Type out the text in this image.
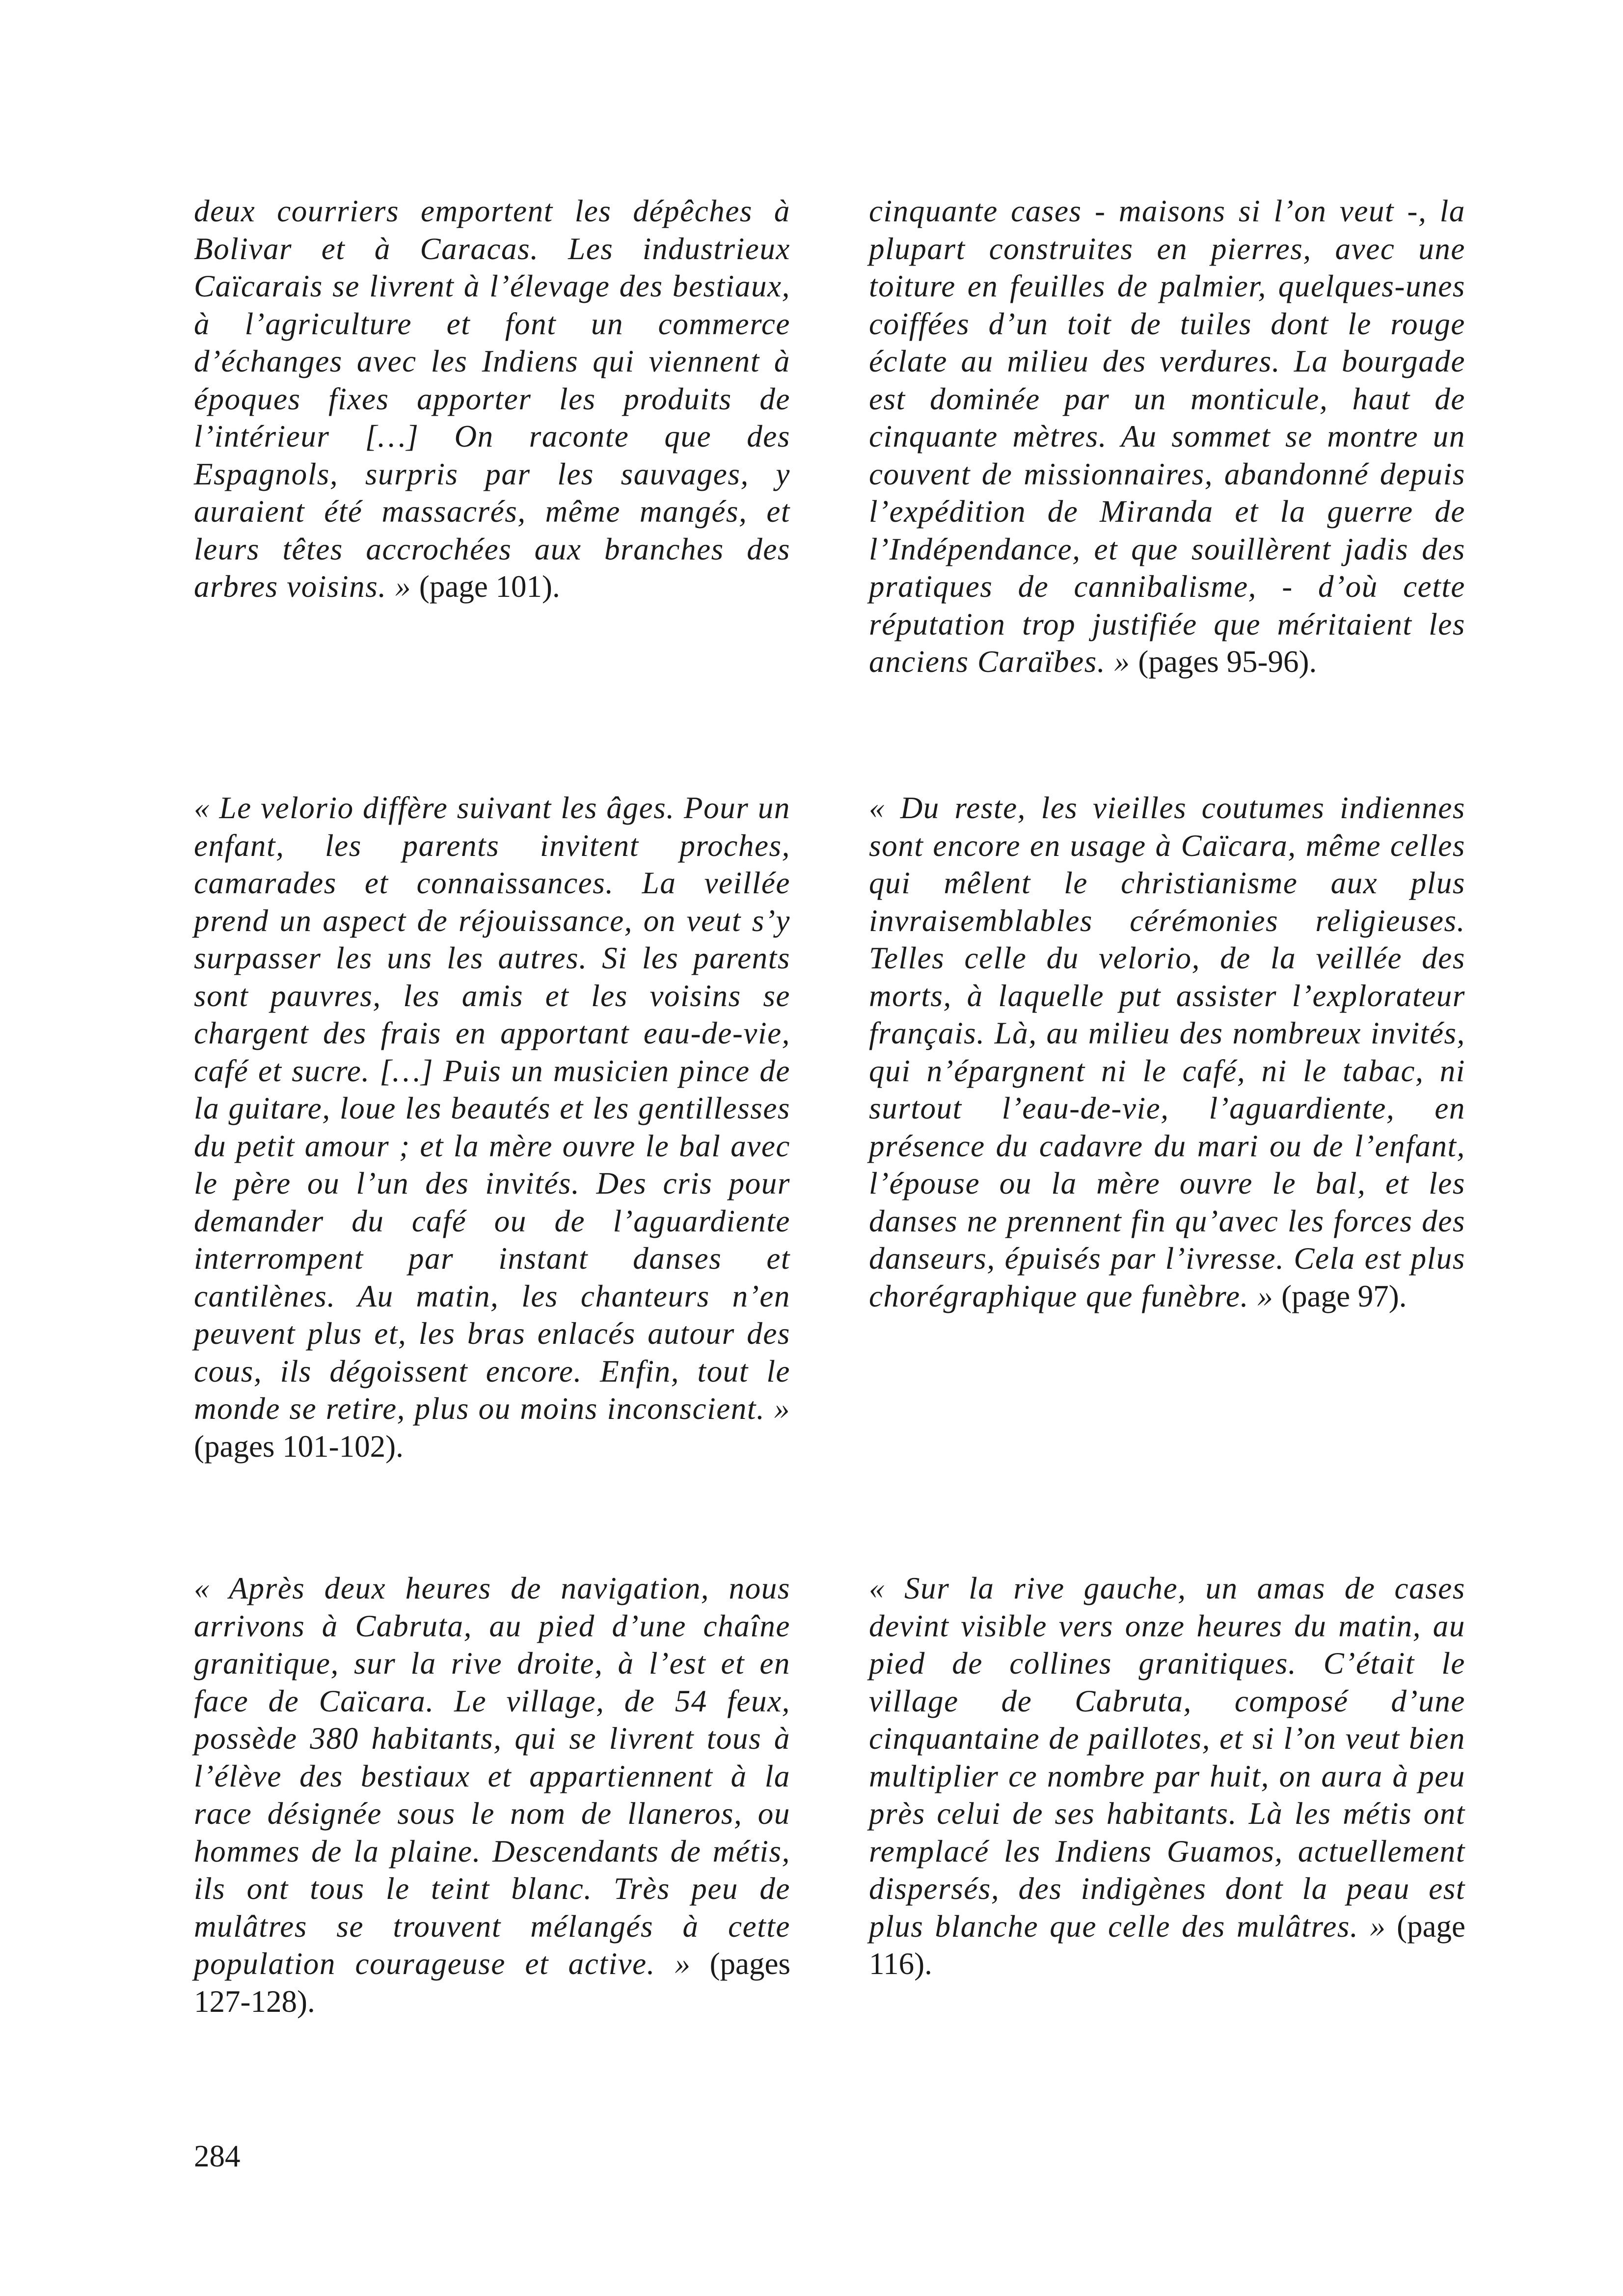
deux courriers emportent les dépêches à Bolivar et à Caracas. Les industrieux Caïcarais se livrent à l’élevage des bestiaux, à l’agriculture et font un commerce d’échanges avec les Indiens qui viennent à époques fixes apporter les produits de l’intérieur […] On raconte que des Espagnols, surpris par les sauvages, y auraient été massacrés, même mangés, et leurs têtes accrochées aux branches des arbres voisins. » (page 101).

cinquante cases - maisons si l’on veut -, la plupart construites en pierres, avec une toiture en feuilles de palmier, quelques-unes coiffées d’un toit de tuiles dont le rouge éclate au milieu des verdures. La bourgade est dominée par un monticule, haut de cinquante mètres. Au sommet se montre un couvent de missionnaires, abandonné depuis l’expédition de Miranda et la guerre de l’Indépendance, et que souillèrent jadis des pratiques de cannibalisme, - d’où cette réputation trop justifiée que méritaient les anciens Caraïbes. » (pages 95-96).

« Le velorio diffère suivant les âges. Pour un enfant, les parents invitent proches, camarades et connaissances. La veillée prend un aspect de réjouissance, on veut s’y surpasser les uns les autres. Si les parents sont pauvres, les amis et les voisins se chargent des frais en apportant eau-de-vie, café et sucre. […] Puis un musicien pince de la guitare, loue les beautés et les gentillesses du petit amour ; et la mère ouvre le bal avec le père ou l’un des invités. Des cris pour demander du café ou de l’aguardiente interrompent par instant danses et cantilènes. Au matin, les chanteurs n’en peuvent plus et, les bras enlacés autour des cous, ils dégoissent encore. Enfin, tout le monde se retire, plus ou moins inconscient. » (pages 101-102).

« Du reste, les vieilles coutumes indiennes sont encore en usage à Caïcara, même celles qui mêlent le christianisme aux plus invraisemblables cérémonies religieuses. Telles celle du velorio, de la veillée des morts, à laquelle put assister l’explorateur français. Là, au milieu des nombreux invités, qui n’épargnent ni le café, ni le tabac, ni surtout l’eau-de-vie, l’aguardiente, en présence du cadavre du mari ou de l’enfant, l’épouse ou la mère ouvre le bal, et les danses ne prennent fin qu’avec les forces des danseurs, épuisés par l’ivresse. Cela est plus chorégraphique que funèbre. » (page 97).

« Après deux heures de navigation, nous arrivons à Cabruta, au pied d’une chaîne granitique, sur la rive droite, à l’est et en face de Caïcara. Le village, de 54 feux, possède 380 habitants, qui se livrent tous à l’élève des bestiaux et appartiennent à la race désignée sous le nom de llaneros, ou hommes de la plaine. Descendants de métis, ils ont tous le teint blanc. Très peu de mulâtres se trouvent mélangés à cette population courageuse et active. » (pages 127-128).

« Sur la rive gauche, un amas de cases devint visible vers onze heures du matin, au pied de collines granitiques. C’était le village de Cabruta, composé d’une cinquantaine de paillotes, et si l’on veut bien multiplier ce nombre par huit, on aura à peu près celui de ses habitants. Là les métis ont remplacé les Indiens Guamos, actuellement dispersés, des indigènes dont la peau est plus blanche que celle des mulâtres. » (page 116).

284
